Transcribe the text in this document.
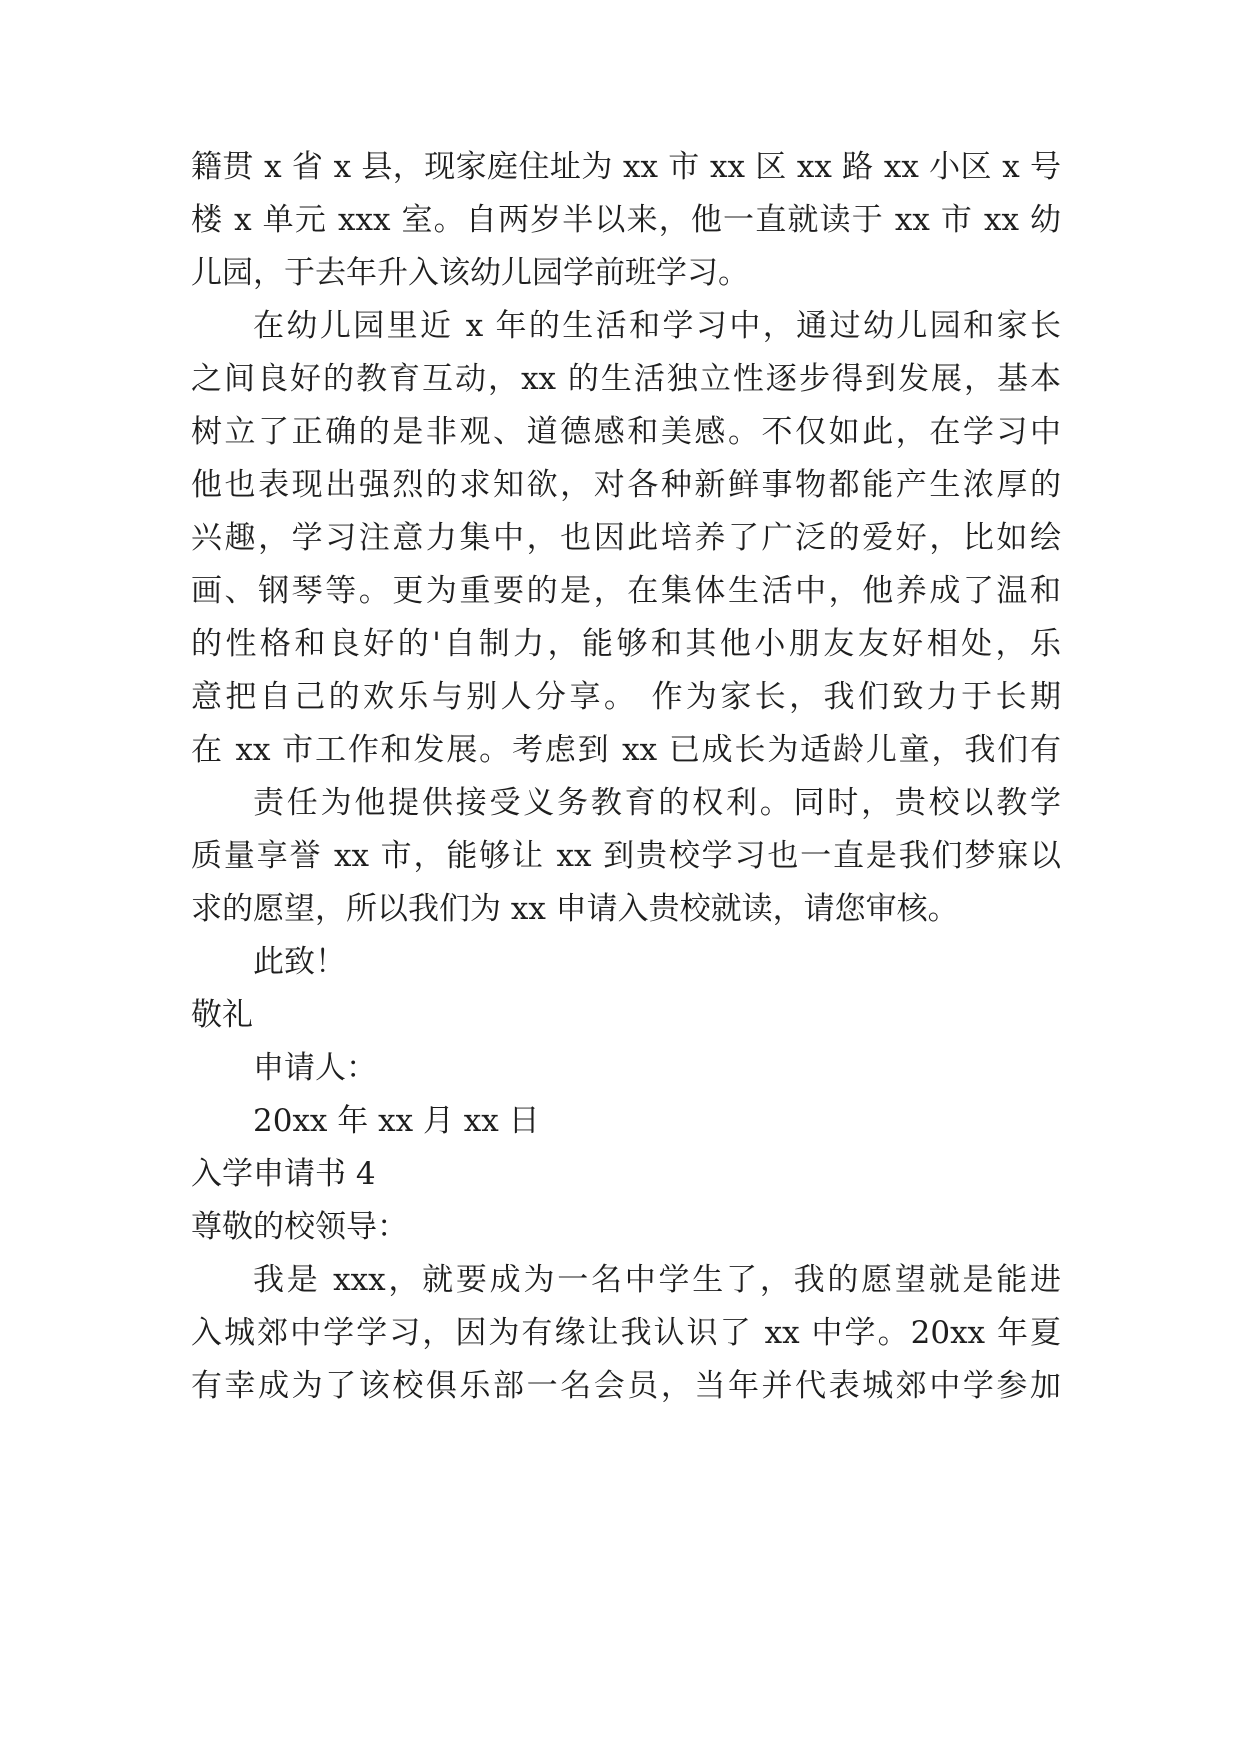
籍贯 x 省 x 县，现家庭住址为 xx 市 xx 区 xx 路 xx 小区 x 号

楼 x 单元 xxx 室。自两岁半以来，他一直就读于 xx 市 xx 幼

儿园，于去年升入该幼儿园学前班学习。

在幼儿园里近 x 年的生活和学习中，通过幼儿园和家长

之间良好的教育互动，xx 的生活独立性逐步得到发展，基本

树立了正确的是非观、道德感和美感。不仅如此，在学习中

他也表现出强烈的求知欲，对各种新鲜事物都能产生浓厚的

兴趣，学习注意力集中，也因此培养了广泛的爱好，比如绘

画、钢琴等。更为重要的是，在集体生活中，他养成了温和

的性格和良好的'自制力，能够和其他小朋友友好相处，乐

意把自己的欢乐与别人分享。 作为家长，我们致力于长期

在 xx 市工作和发展。考虑到 xx 已成长为适龄儿童，我们有

责任为他提供接受义务教育的权利。同时，贵校以教学

质量享誉 xx 市，能够让 xx 到贵校学习也一直是我们梦寐以

求的愿望，所以我们为 xx 申请入贵校就读，请您审核。

此致！

敬礼

申请人：

20xx 年 xx 月 xx 日

入学申请书 4

尊敬的校领导：

我是 xxx，就要成为一名中学生了，我的愿望就是能进

入城郊中学学习，因为有缘让我认识了 xx 中学。20xx 年夏

有幸成为了该校俱乐部一名会员，当年并代表城郊中学参加
